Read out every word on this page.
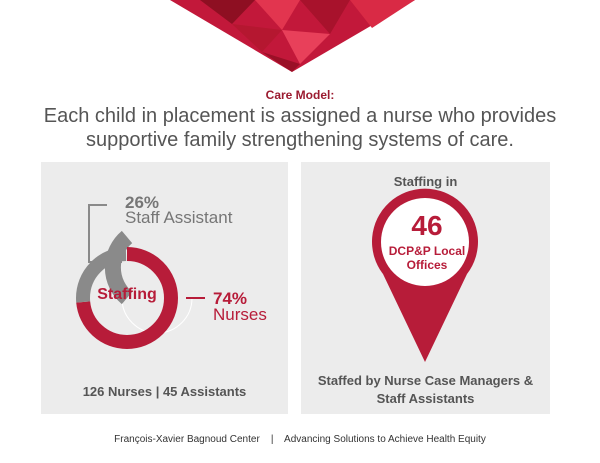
Care Model:
Each child in placement is assigned a nurse who provides supportive family strengthening systems of care.
26%
Staff Assistant
Staffing	74%
Nurses
126 Nurses | 45 Assistants
Staffing in
46
DCP&P Local Offices
Staffed by Nurse Case Managers & Staff Assistants
François-Xavier Bagnoud Center    |    Advancing Solutions to Achieve Health Equity
